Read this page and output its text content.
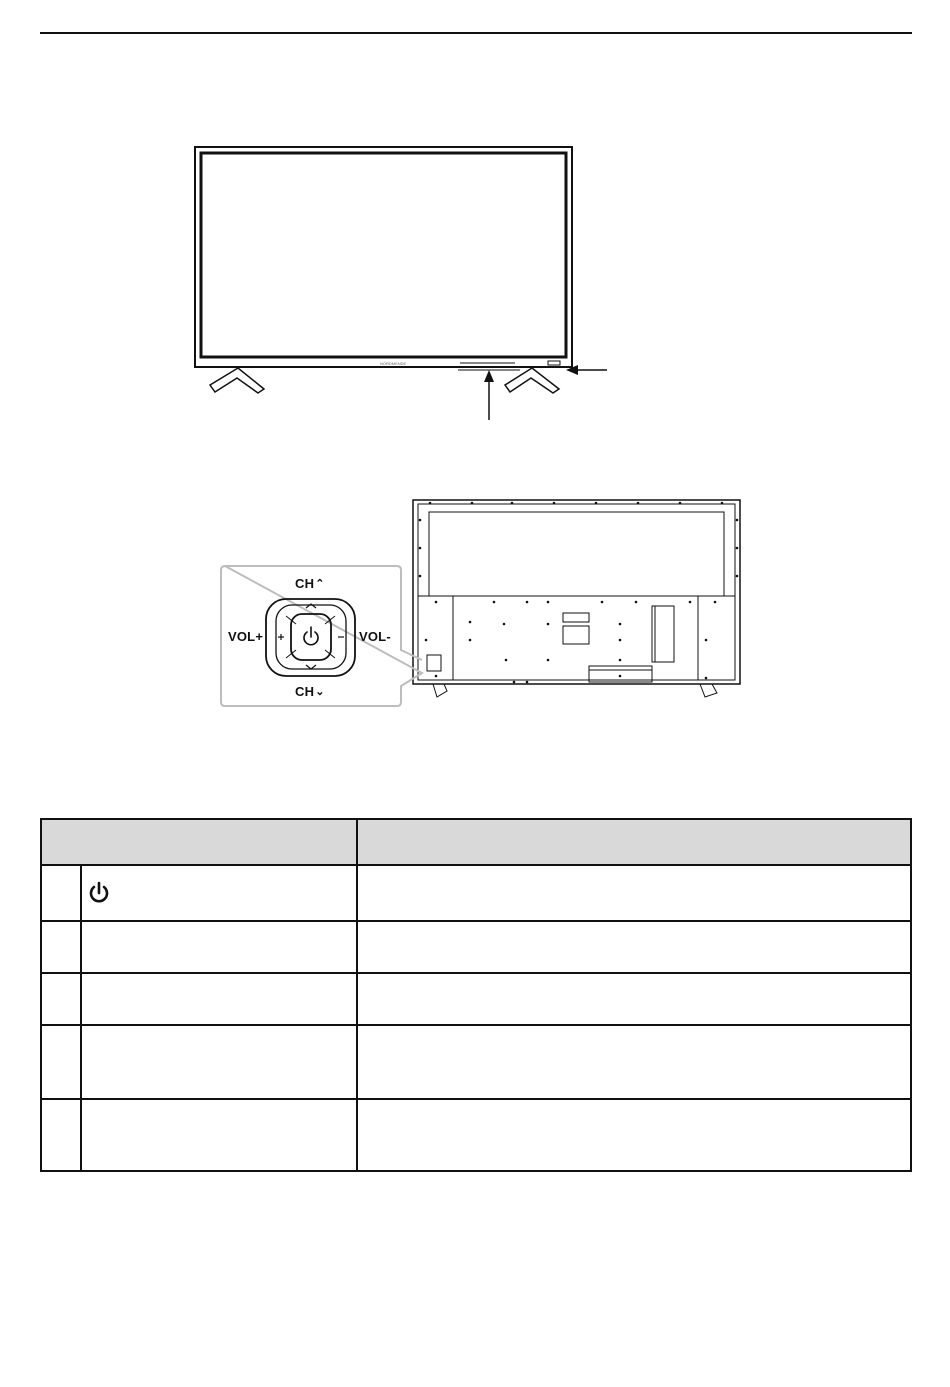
NORDMENDE
CH⌃
CH⌄
VOL+	VOL-
